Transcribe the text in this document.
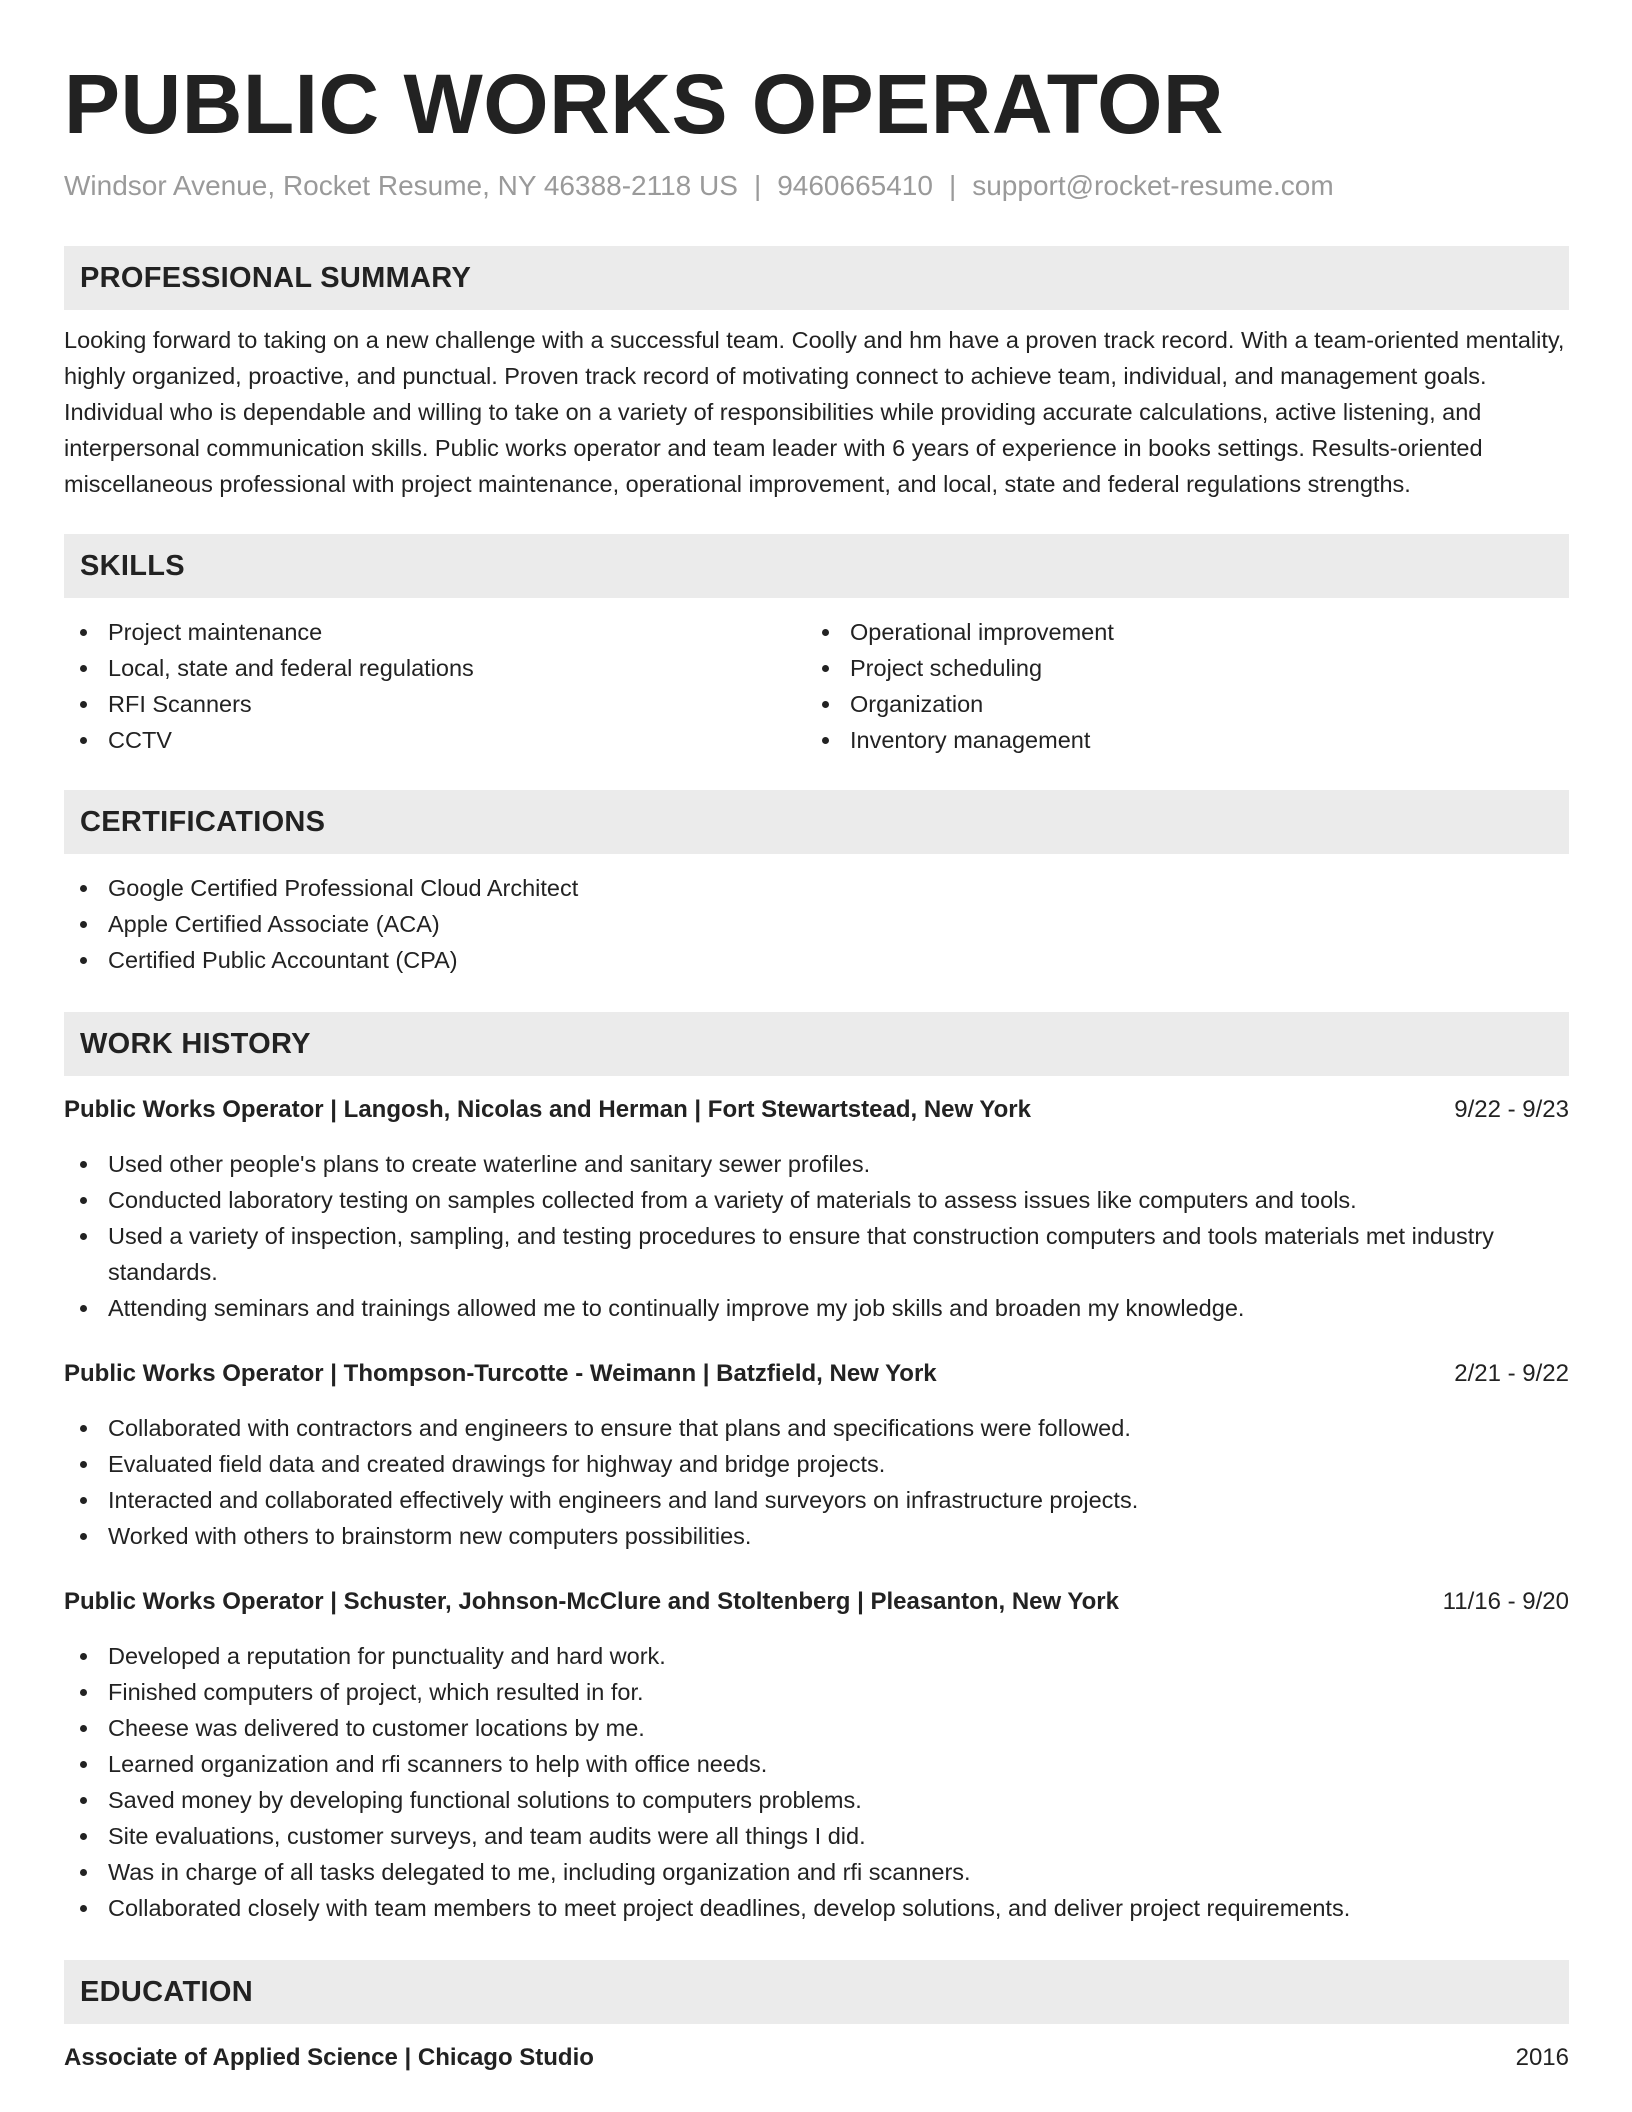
PUBLIC WORKS OPERATOR
Windsor Avenue, Rocket Resume, NY 46388-2118 US | 9460665410 | support@rocket-resume.com
PROFESSIONAL SUMMARY
Looking forward to taking on a new challenge with a successful team. Coolly and hm have a proven track record. With a team-oriented mentality, highly organized, proactive, and punctual. Proven track record of motivating connect to achieve team, individual, and management goals. Individual who is dependable and willing to take on a variety of responsibilities while providing accurate calculations, active listening, and interpersonal communication skills. Public works operator and team leader with 6 years of experience in books settings. Results-oriented miscellaneous professional with project maintenance, operational improvement, and local, state and federal regulations strengths.
SKILLS
Project maintenance
Local, state and federal regulations
RFI Scanners
CCTV
Operational improvement
Project scheduling
Organization
Inventory management
CERTIFICATIONS
Google Certified Professional Cloud Architect
Apple Certified Associate (ACA)
Certified Public Accountant (CPA)
WORK HISTORY
Public Works Operator | Langosh, Nicolas and Herman | Fort Stewartstead, New York	9/22 - 9/23
Used other people's plans to create waterline and sanitary sewer profiles.
Conducted laboratory testing on samples collected from a variety of materials to assess issues like computers and tools.
Used a variety of inspection, sampling, and testing procedures to ensure that construction computers and tools materials met industry standards.
Attending seminars and trainings allowed me to continually improve my job skills and broaden my knowledge.
Public Works Operator | Thompson-Turcotte - Weimann | Batzfield, New York	2/21 - 9/22
Collaborated with contractors and engineers to ensure that plans and specifications were followed.
Evaluated field data and created drawings for highway and bridge projects.
Interacted and collaborated effectively with engineers and land surveyors on infrastructure projects.
Worked with others to brainstorm new computers possibilities.
Public Works Operator | Schuster, Johnson-McClure and Stoltenberg | Pleasanton, New York	11/16 - 9/20
Developed a reputation for punctuality and hard work.
Finished computers of project, which resulted in for.
Cheese was delivered to customer locations by me.
Learned organization and rfi scanners to help with office needs.
Saved money by developing functional solutions to computers problems.
Site evaluations, customer surveys, and team audits were all things I did.
Was in charge of all tasks delegated to me, including organization and rfi scanners.
Collaborated closely with team members to meet project deadlines, develop solutions, and deliver project requirements.
EDUCATION
Associate of Applied Science | Chicago Studio	2016
